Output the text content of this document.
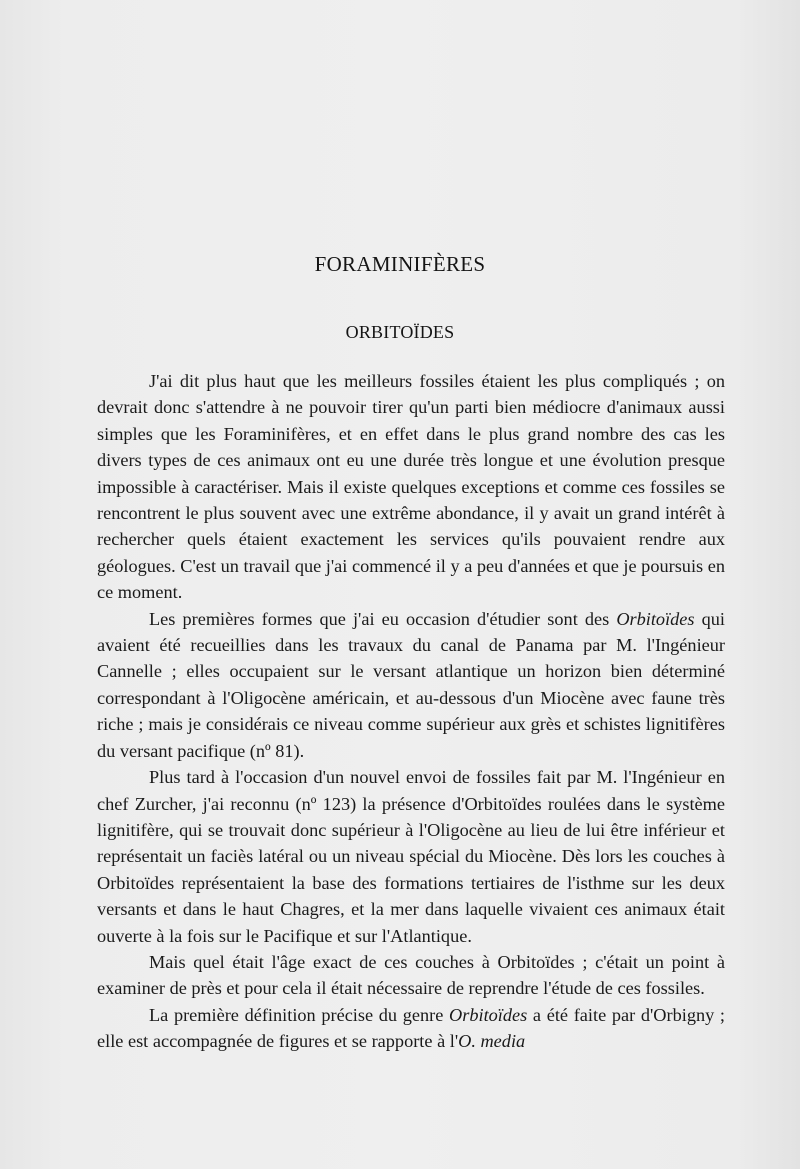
FORAMINIFÈRES
ORBITOÏDES

J'ai dit plus haut que les meilleurs fossiles étaient les plus compliqués ; on devrait donc s'attendre à ne pouvoir tirer qu'un parti bien médiocre d'animaux aussi simples que les Foraminifères, et en effet dans le plus grand nombre des cas les divers types de ces animaux ont eu une durée très longue et une évolution presque impossible à caractériser. Mais il existe quelques exceptions et comme ces fossiles se rencontrent le plus souvent avec une extrême abondance, il y avait un grand intérêt à rechercher quels étaient exactement les services qu'ils pouvaient rendre aux géologues. C'est un travail que j'ai commencé il y a peu d'années et que je poursuis en ce moment.

Les premières formes que j'ai eu occasion d'étudier sont des Orbitoïdes qui avaient été recueillies dans les travaux du canal de Panama par M. l'Ingénieur Cannelle ; elles occupaient sur le versant atlantique un horizon bien déterminé correspondant à l'Oligocène américain, et au-dessous d'un Miocène avec faune très riche ; mais je considérais ce niveau comme supérieur aux grès et schistes lignitifères du versant pacifique (nº 81).

Plus tard à l'occasion d'un nouvel envoi de fossiles fait par M. l'Ingénieur en chef Zurcher, j'ai reconnu (nº 123) la présence d'Orbitoïdes roulées dans le système lignitifère, qui se trouvait donc supérieur à l'Oligocène au lieu de lui être inférieur et représentait un faciès latéral ou un niveau spécial du Miocène. Dès lors les couches à Orbitoïdes représentaient la base des formations tertiaires de l'isthme sur les deux versants et dans le haut Chagres, et la mer dans laquelle vivaient ces animaux était ouverte à la fois sur le Pacifique et sur l'Atlantique.

Mais quel était l'âge exact de ces couches à Orbitoïdes ; c'était un point à examiner de près et pour cela il était nécessaire de reprendre l'étude de ces fossiles.

La première définition précise du genre Orbitoïdes a été faite par d'Orbigny ; elle est accompagnée de figures et se rapporte à l'O. media
